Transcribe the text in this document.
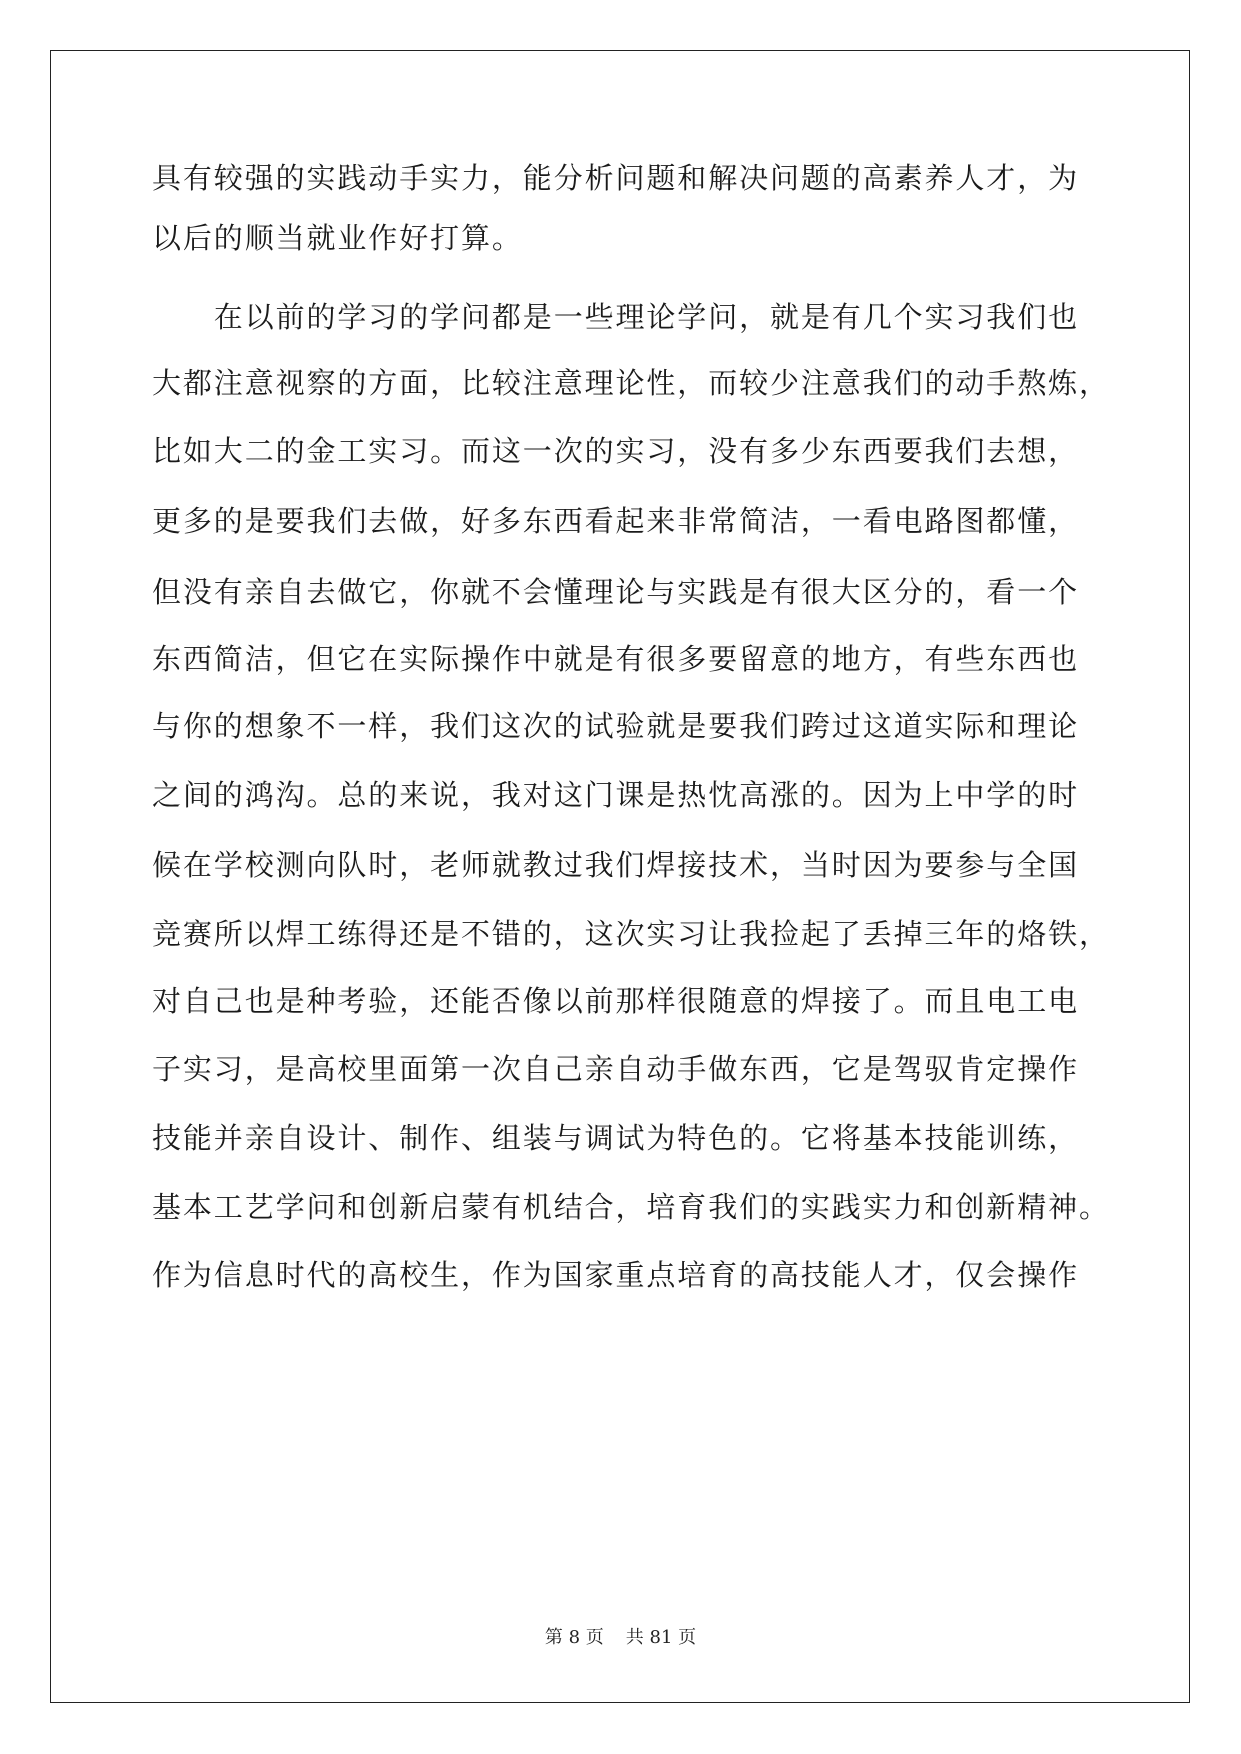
具有较强的实践动手实力，能分析问题和解决问题的高素养人才，为
以后的顺当就业作好打算。
　　在以前的学习的学问都是一些理论学问，就是有几个实习我们也
大都注意视察的方面，比较注意理论性，而较少注意我们的动手熬炼，
比如大二的金工实习。而这一次的实习，没有多少东西要我们去想，
更多的是要我们去做，好多东西看起来非常简洁，一看电路图都懂，
但没有亲自去做它，你就不会懂理论与实践是有很大区分的，看一个
东西简洁，但它在实际操作中就是有很多要留意的地方，有些东西也
与你的想象不一样，我们这次的试验就是要我们跨过这道实际和理论
之间的鸿沟。总的来说，我对这门课是热忱高涨的。因为上中学的时
候在学校测向队时，老师就教过我们焊接技术，当时因为要参与全国
竞赛所以焊工练得还是不错的，这次实习让我捡起了丢掉三年的烙铁，
对自己也是种考验，还能否像以前那样很随意的焊接了。而且电工电
子实习，是高校里面第一次自己亲自动手做东西，它是驾驭肯定操作
技能并亲自设计、制作、组装与调试为特色的。它将基本技能训练，
基本工艺学问和创新启蒙有机结合，培育我们的实践实力和创新精神。
作为信息时代的高校生，作为国家重点培育的高技能人才，仅会操作
第 8 页 共 81 页
